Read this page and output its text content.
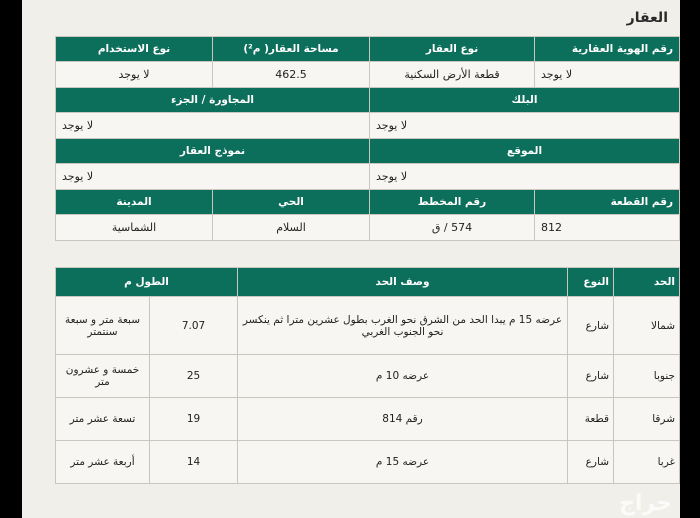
العقار
رقم الهوية العقارية	نوع العقار	مساحة العقار( م²)	نوع الاستخدام
لا يوجد	قطعة الأرض السكنية	462.5	لا يوجد
البلك		المجاورة / الجزء	
لا يوجد		لا يوجد	
الموقع		نموذج العقار	
لا يوجد		لا يوجد	
رقم القطعة	رقم المخطط	الحي	المدينة
812	574 / ق	السلام	الشماسية
الحد	النوع	وصف الحد	الطول م	
شمالا	شارع	عرضه 15 م يبدا الحد من الشرق نحو الغرب بطول عشرين مترا ثم ينكسر نحو الجنوب الغربي	7.07	سبعة متر و سبعة سنتمتر
جنوبا	شارع	عرضه 10 م	25	خمسة و عشرون متر
شرقا	قطعة	رقم 814	19	تسعة عشر متر
غربا	شارع	عرضه 15 م	14	أربعة عشر متر
حراج
